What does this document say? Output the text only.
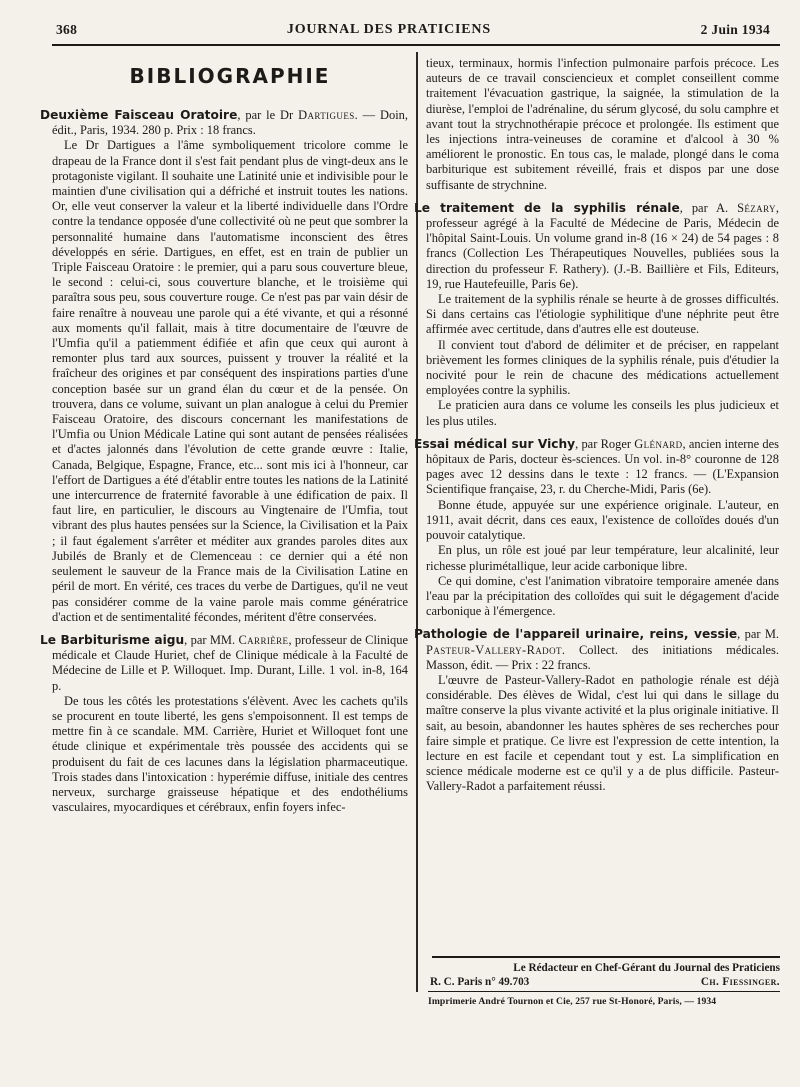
368	JOURNAL DES PRATICIENS	2 Juin 1934
BIBLIOGRAPHIE

Deuxième Faisceau Oratoire, par le Dr Dartigues. — Doin, édit., Paris, 1934. 280 p. Prix : 18 francs.

Le Dr Dartigues a l'âme symboliquement tricolore comme le drapeau de la France dont il s'est fait pendant plus de vingt-deux ans le protagoniste vigilant. Il souhaite une Latinité unie et indivisible pour le maintien d'une civilisation qui a défriché et instruit toutes les nations. Or, elle veut conserver la valeur et la liberté individuelle dans l'Ordre contre la tendance opposée d'une collectivité où ne peut que sombrer la personnalité humaine dans l'automatisme inconscient des êtres développés en série. Dartigues, en effet, est en train de publier un Triple Faisceau Oratoire : le premier, qui a paru sous couverture bleue, le second : celui-ci, sous couverture blanche, et le troisième qui paraîtra sous peu, sous couverture rouge. Ce n'est pas par vain désir de faire renaître à nouveau une parole qui a été vivante, et qui a résonné aux moments qu'il fallait, mais à titre documentaire de l'œuvre de l'Umfia qu'il a patiemment édifiée et afin que ceux qui auront à remonter plus tard aux sources, puissent y trouver la réalité et la fraîcheur des origines et par conséquent des inspirations parties d'une conception basée sur un grand élan du cœur et de la pensée. On trouvera, dans ce volume, suivant un plan analogue à celui du Premier Faisceau Oratoire, des discours concernant les manifestations de l'Umfia ou Union Médicale Latine qui sont autant de pensées réalisées et d'actes jalonnés dans l'évolution de cette grande œuvre : Italie, Canada, Belgique, Espagne, France, etc... sont mis ici à l'honneur, car l'effort de Dartigues a été d'établir entre toutes les nations de la Latinité une intercurrence de fraternité favorable à une édification de paix. Il faut lire, en particulier, le discours au Vingtenaire de l'Umfia, tout vibrant des plus hautes pensées sur la Science, la Civilisation et la Paix ; il faut également s'arrêter et méditer aux grandes paroles dites aux Jubilés de Branly et de Clemenceau : ce dernier qui a été non seulement le sauveur de la France mais de la Civilisation Latine en péril de mort. En vérité, ces traces du verbe de Dartigues, qu'il ne veut pas considérer comme de la vaine parole mais comme génératrice d'action et de sentimentalité fécondes, méritent d'être conservées.

Le Barbiturisme aigu, par MM. Carrière, professeur de Clinique médicale et Claude Huriet, chef de Clinique médicale à la Faculté de Médecine de Lille et P. Willoquet. Imp. Durant, Lille. 1 vol. in-8, 164 p.

De tous les côtés les protestations s'élèvent. Avec les cachets qu'ils se procurent en toute liberté, les gens s'empoisonnent. Il est temps de mettre fin à ce scandale. MM. Carrière, Huriet et Willoquet font une étude clinique et expérimentale très poussée des accidents qui se produisent du fait de ces lacunes dans la législation pharmaceutique. Trois stades dans l'intoxication : hyperémie diffuse, initiale des centres nerveux, surcharge graisseuse hépatique et des endothéliums vasculaires, myocardiques et cérébraux, enfin foyers infec-

tieux, terminaux, hormis l'infection pulmonaire parfois précoce. Les auteurs de ce travail consciencieux et complet conseillent comme traitement l'évacuation gastrique, la saignée, la stimulation de la diurèse, l'emploi de l'adrénaline, du sérum glycosé, du solu camphre et avant tout la strychnothérapie précoce et prolongée. Ils estiment que les injections intra-veineuses de coramine et d'alcool à 30 % améliorent le pronostic. En tous cas, le malade, plongé dans le coma barbiturique est subitement réveillé, frais et dispos par une dose suffisante de strychnine.

Le traitement de la syphilis rénale, par A. Sézary, professeur agrégé à la Faculté de Médecine de Paris, Médecin de l'hôpital Saint-Louis. Un volume grand in-8 (16 × 24) de 54 pages : 8 francs (Collection Les Thérapeutiques Nouvelles, publiées sous la direction du professeur F. Rathery). (J.-B. Baillière et Fils, Editeurs, 19, rue Hautefeuille, Paris 6e).

Le traitement de la syphilis rénale se heurte à de grosses difficultés. Si dans certains cas l'étiologie syphilitique d'une néphrite peut être affirmée avec certitude, dans d'autres elle est douteuse.

Il convient tout d'abord de délimiter et de préciser, en rappelant brièvement les formes cliniques de la syphilis rénale, puis d'étudier la nocivité pour le rein de chacune des médications actuellement employées contre la syphilis.

Le praticien aura dans ce volume les conseils les plus judicieux et les plus utiles.

Essai médical sur Vichy, par Roger Glénard, ancien interne des hôpitaux de Paris, docteur ès-sciences. Un vol. in-8° couronne de 128 pages avec 12 dessins dans le texte : 12 francs. — (L'Expansion Scientifique française, 23, r. du Cherche-Midi, Paris (6e).

Bonne étude, appuyée sur une expérience originale. L'auteur, en 1911, avait décrit, dans ces eaux, l'existence de colloïdes doués d'un pouvoir catalytique.

En plus, un rôle est joué par leur température, leur alcalinité, leur richesse plurimétallique, leur acide carbonique libre.

Ce qui domine, c'est l'animation vibratoire temporaire amenée dans l'eau par la précipitation des colloïdes qui suit le dégagement d'acide carbonique à l'émergence.

Pathologie de l'appareil urinaire, reins, vessie, par M. Pasteur-Vallery-Radot. Collect. des initiations médicales. Masson, édit. — Prix : 22 francs.

L'œuvre de Pasteur-Vallery-Radot en pathologie rénale est déjà considérable. Des élèves de Widal, c'est lui qui dans le sillage du maître conserve la plus vivante activité et la plus originale initiative. Il sait, au besoin, abandonner les hautes sphères de ses recherches pour faire simple et pratique. Ce livre est l'expression de cette intention, la lecture en est facile et cependant tout y est. La simplification en science médicale moderne est ce qu'il y a de plus difficile. Pasteur-Vallery-Radot a parfaitement réussi.

Le Rédacteur en Chef-Gérant du Journal des Praticiens
R. C. Paris n° 49.703	Ch. Fiessinger.
Imprimerie André Tournon et Cie, 257 rue St-Honoré, Paris, — 1934
